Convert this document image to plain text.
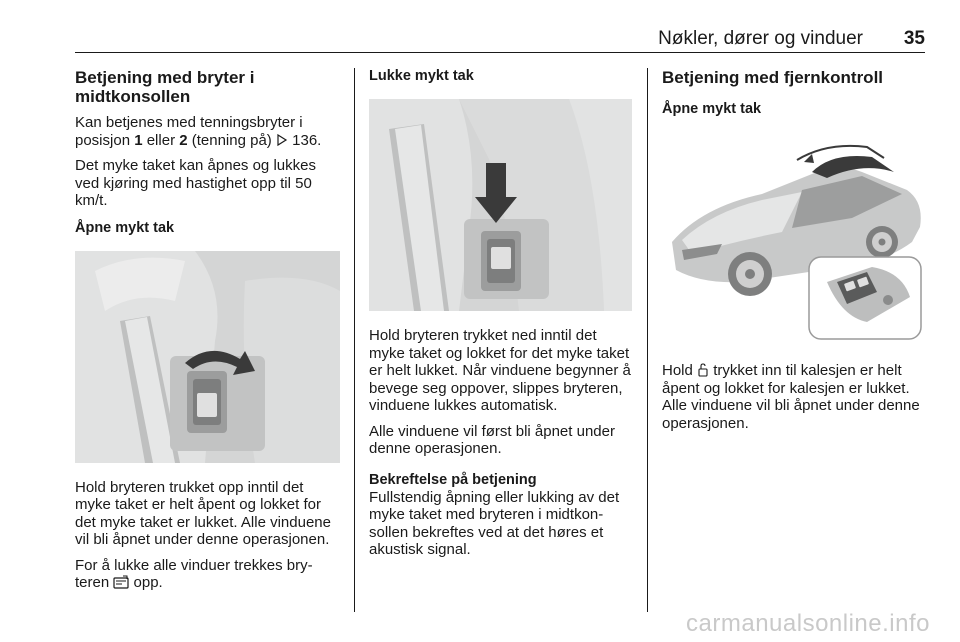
Nøkler, dører og vinduer 35
Betjening med bryter i midtkonsollen

Kan betjenes med tenningsbryter i posisjon 1 eller 2 (tenning på)
136.

Det myke taket kan åpnes og lukkes ved kjøring med hastighet opp til 50 km/t.

Åpne mykt tak

Hold bryteren trukket opp inntil det myke taket er helt åpent og lokket for det myke taket er lukket. Alle vinduene vil bli åpnet under denne operasjonen.

For å lukke alle vinduer trekkes bryteren
opp.

Lukke mykt tak

Hold bryteren trykket ned inntil det myke taket og lokket for det myke taket er helt lukket. Når vinduene begynner å bevege seg oppover, slippes bryteren, vinduene lukkes automatisk.

Alle vinduene vil først bli åpnet under denne operasjonen.

Bekreftelse på betjening

Fullstendig åpning eller lukking av det myke taket med bryteren i midtkonsollen bekreftes ved at det høres et akustisk signal.

Betjening med fjernkontroll
Åpne mykt tak

Hold
trykket inn til kalesjen er helt åpent og lokket for kalesjen er lukket. Alle vinduene vil bli åpnet under denne operasjonen.

carmanualsonline.info
